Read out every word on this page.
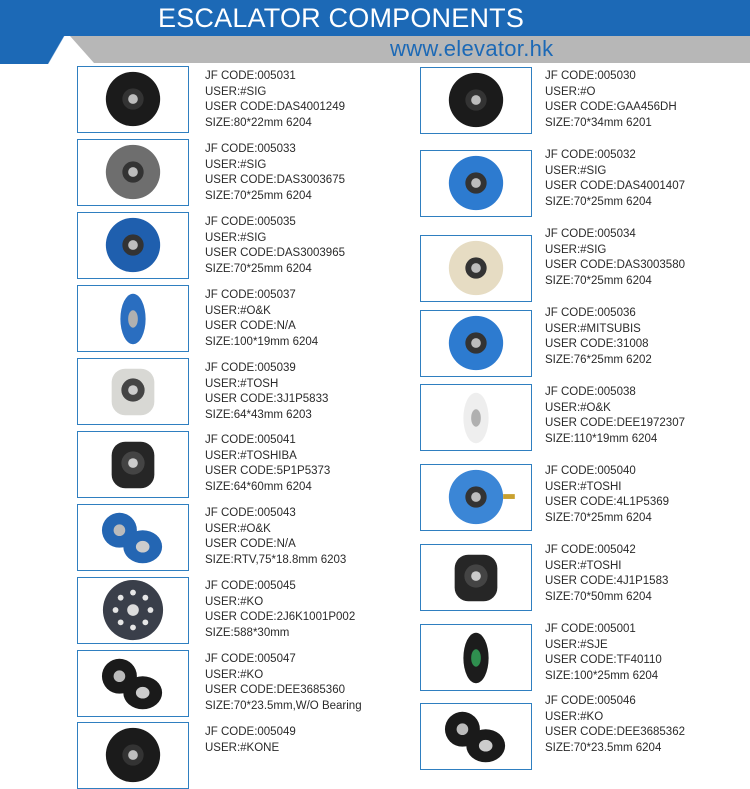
ESCALATOR COMPONENTS
www.elevator.hk
JF CODE:005031
USER:#SIG
USER CODE:DAS4001249
SIZE:80*22mm 6204
JF CODE:005033
USER:#SIG
USER CODE:DAS3003675
SIZE:70*25mm 6204
JF CODE:005035
USER:#SIG
USER CODE:DAS3003965
SIZE:70*25mm 6204
JF CODE:005037
USER:#O&K
USER CODE:N/A
SIZE:100*19mm 6204
JF CODE:005039
USER:#TOSH
USER CODE:3J1P5833
SIZE:64*43mm 6203
JF CODE:005041
USER:#TOSHIBA
USER CODE:5P1P5373
SIZE:64*60mm 6204
JF CODE:005043
USER:#O&K
USER CODE:N/A
SIZE:RTV,75*18.8mm 6203
JF CODE:005045
USER:#KO
USER CODE:2J6K1001P002
SIZE:588*30mm
JF CODE:005047
USER:#KO
USER CODE:DEE3685360
SIZE:70*23.5mm,W/O Bearing
JF CODE:005049
USER:#KONE
JF CODE:005030
USER:#O
USER CODE:GAA456DH
SIZE:70*34mm 6201
JF CODE:005032
USER:#SIG
USER CODE:DAS4001407
SIZE:70*25mm 6204
JF CODE:005034
USER:#SIG
USER CODE:DAS3003580
SIZE:70*25mm 6204
JF CODE:005036
USER:#MITSUBIS
USER CODE:31008
SIZE:76*25mm 6202
JF CODE:005038
USER:#O&K
USER CODE:DEE1972307
SIZE:110*19mm 6204
JF CODE:005040
USER:#TOSHI
USER CODE:4L1P5369
SIZE:70*25mm 6204
JF CODE:005042
USER:#TOSHI
USER CODE:4J1P1583
SIZE:70*50mm 6204
JF CODE:005001
USER:#SJE
USER CODE:TF40110
SIZE:100*25mm 6204
JF CODE:005046
USER:#KO
USER CODE:DEE3685362
SIZE:70*23.5mm 6204
